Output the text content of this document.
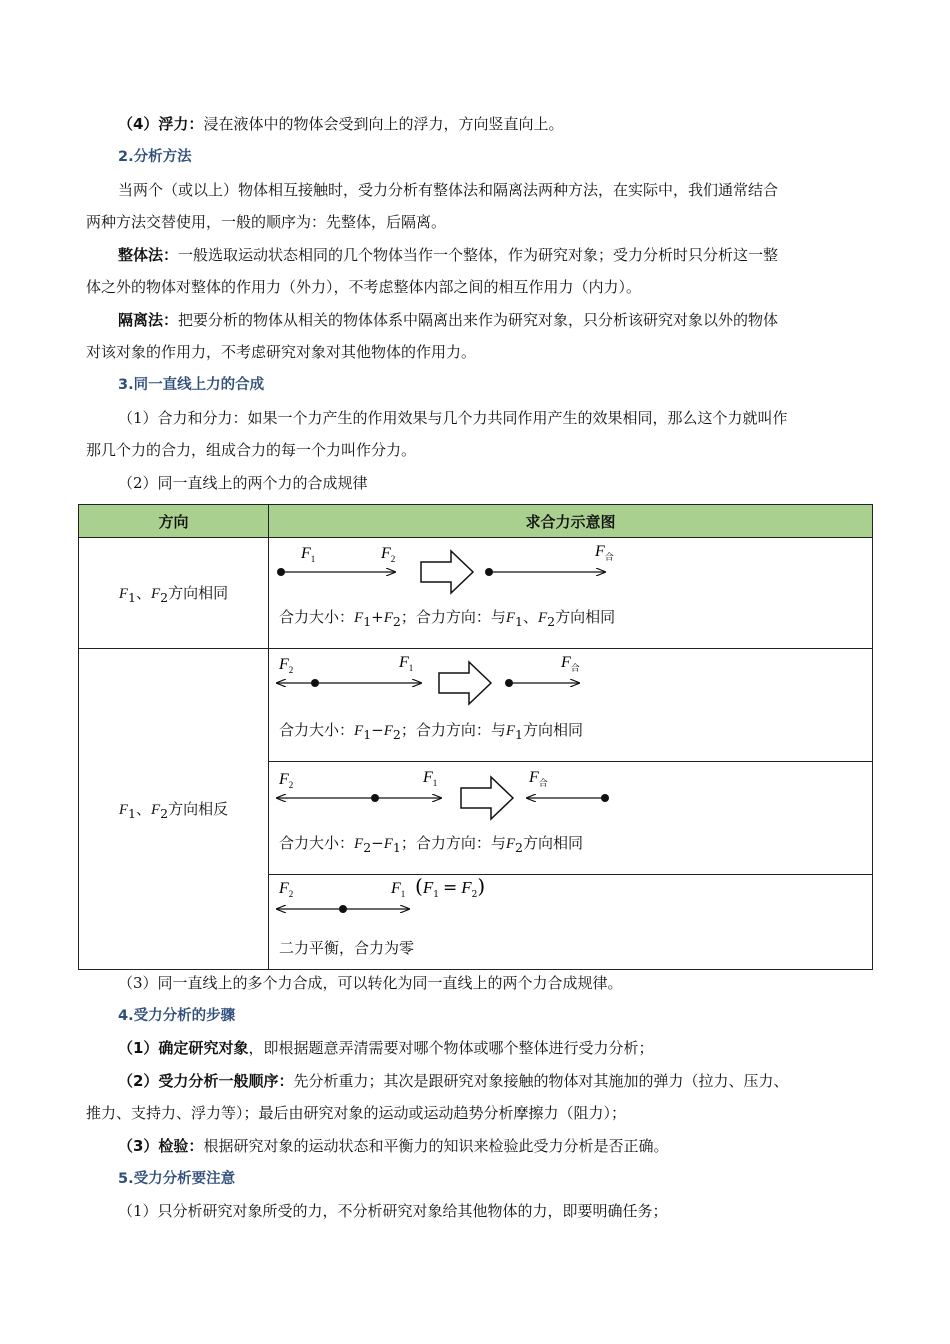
（4）浮力：浸在液体中的物体会受到向上的浮力，方向竖直向上。
2.分析方法
当两个（或以上）物体相互接触时，受力分析有整体法和隔离法两种方法，在实际中，我们通常结合
两种方法交替使用，一般的顺序为：先整体，后隔离。
整体法：一般选取运动状态相同的几个物体当作一个整体，作为研究对象；受力分析时只分析这一整
体之外的物体对整体的作用力（外力），不考虑整体内部之间的相互作用力（内力）。
隔离法：把要分析的物体从相关的物体体系中隔离出来作为研究对象，只分析该研究对象以外的物体
对该对象的作用力，不考虑研究对象对其他物体的作用力。
3.同一直线上力的合成
（1）合力和分力：如果一个力产生的作用效果与几个力共同作用产生的效果相同，那么这个力就叫作
那几个力的合力，组成合力的每一个力叫作分力。
（2）同一直线上的两个力的合成规律
方向	求合力示意图
$F_1$、$F_2$方向相同	$F_1$ $F_2$ $F_合$
合力大小：$F_1+F_2$；合力方向：与$F_1$、$F_2$方向相同

$F_1$、$F_2$方向相反	$F_2$ $F_1$ $F_合$
合力大小：$F_1-F_2$；合力方向：与$F_1$方向相同

$F_2$ $F_1$ $F_合$
合力大小：$F_2-F_1$；合力方向：与$F_2$方向相同

$F_2$ $F_1$ $(F_1 = F_2)$
二力平衡，合力为零
（3）同一直线上的多个力合成，可以转化为同一直线上的两个力合成规律。
4.受力分析的步骤
（1）确定研究对象，即根据题意弄清需要对哪个物体或哪个整体进行受力分析；
（2）受力分析一般顺序：先分析重力；其次是跟研究对象接触的物体对其施加的弹力（拉力、压力、
推力、支持力、浮力等）；最后由研究对象的运动或运动趋势分析摩擦力（阻力）；
（3）检验：根据研究对象的运动状态和平衡力的知识来检验此受力分析是否正确。
5.受力分析要注意
（1）只分析研究对象所受的力，不分析研究对象给其他物体的力，即要明确任务；
